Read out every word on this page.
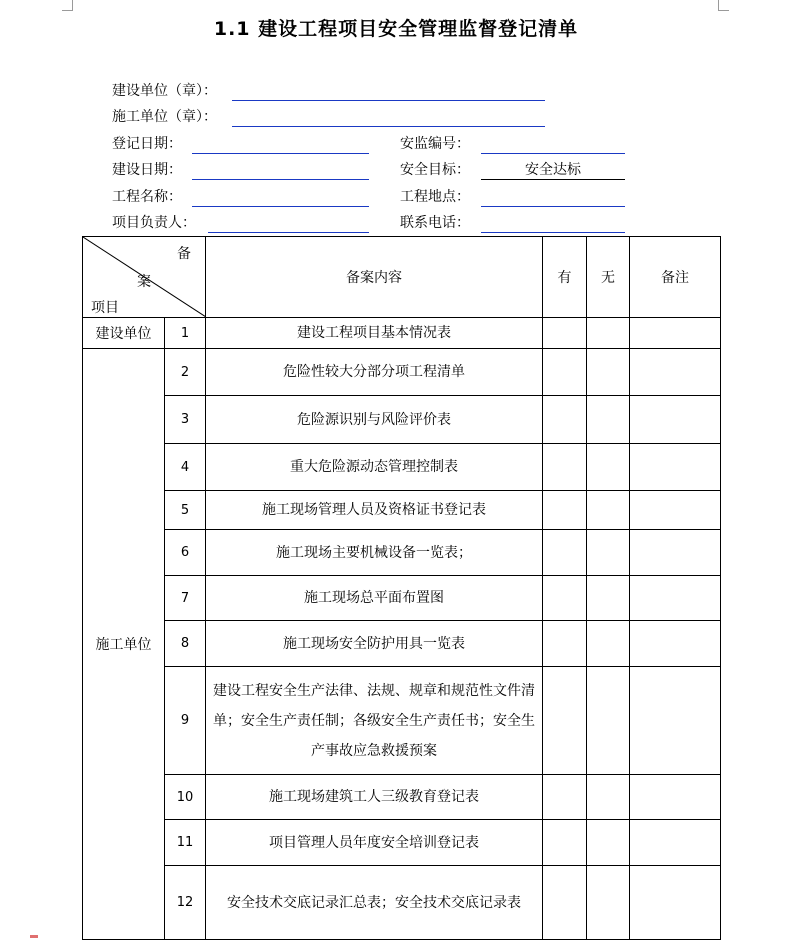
1.1 建设工程项目安全管理监督登记清单
建设单位（章）：
施工单位（章）：
登记日期：	安监编号：
建设日期：	安全目标：	安全达标
工程名称：	工程地点：
项目负责人：	联系电话：
备
案
项目		备案内容	有	无	备注
建设单位	1	建设工程项目基本情况表			
施工单位	2	危险性较大分部分项工程清单			
	3	危险源识别与风险评价表			
	4	重大危险源动态管理控制表			
	5	施工现场管理人员及资格证书登记表			
	6	施工现场主要机械设备一览表；			
	7	施工现场总平面布置图			
	8	施工现场安全防护用具一览表			
	9	建设工程安全生产法律、法规、规章和规范性文件清单；安全生产责任制；各级安全生产责任书；安全生产事故应急救援预案			
	10	施工现场建筑工人三级教育登记表			
	11	项目管理人员年度安全培训登记表			
	12	安全技术交底记录汇总表；安全技术交底记录表			
